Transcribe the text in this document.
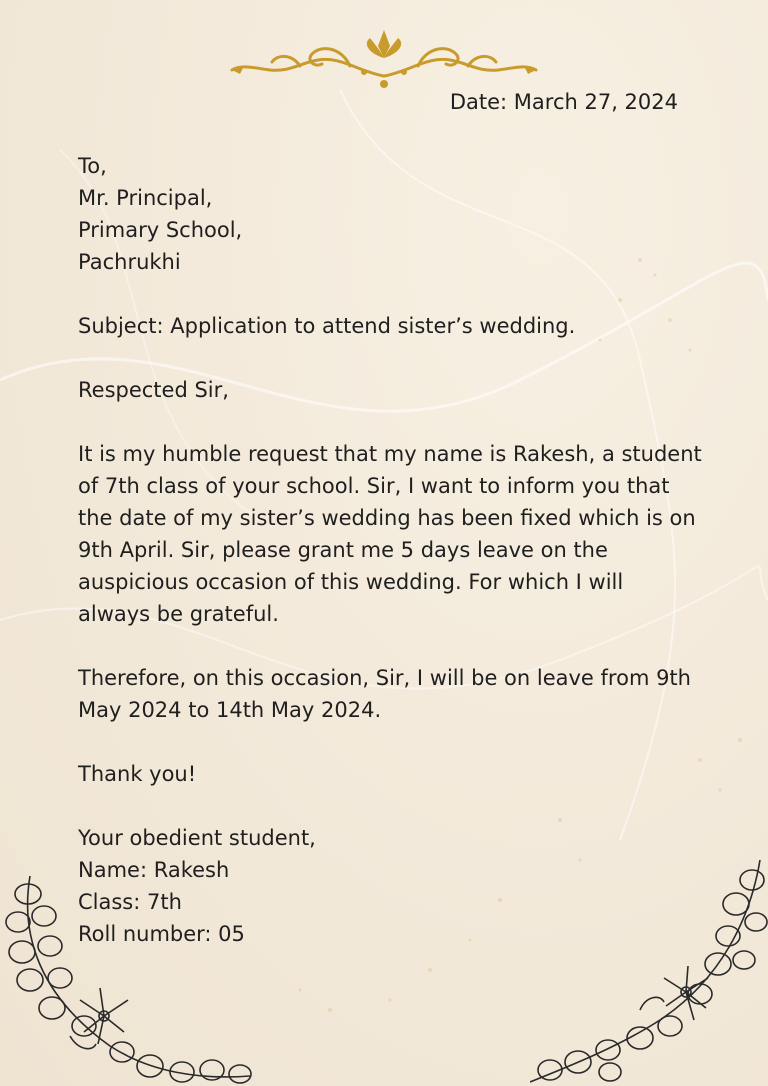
Date: March 27, 2024

To,

Mr. Principal,

Primary School,

Pachrukhi

Subject: Application to attend sister’s wedding.

Respected Sir,

It is my humble request that my name is Rakesh, a student

of 7th class of your school. Sir, I want to inform you that

the date of my sister’s wedding has been fixed which is on

9th April. Sir, please grant me 5 days leave on the

auspicious occasion of this wedding. For which I will

always be grateful.

Therefore, on this occasion, Sir, I will be on leave from 9th

May 2024 to 14th May 2024.

Thank you!

Your obedient student,

Name: Rakesh

Class: 7th

Roll number: 05
